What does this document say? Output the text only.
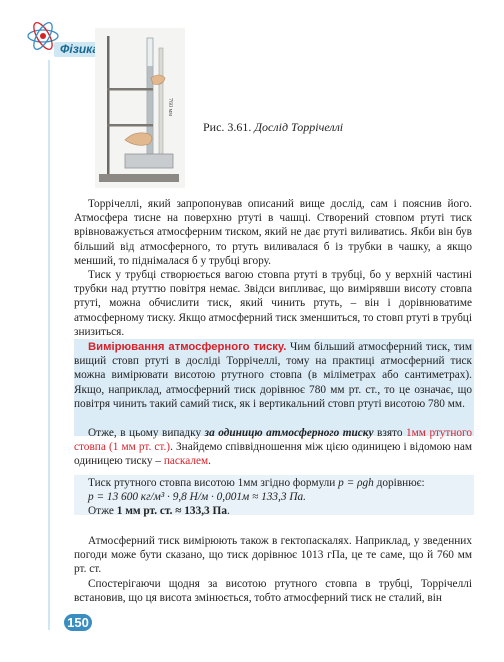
Фізика
760 мм
Рис. 3.61. Дослід Торрічеллі

Торрічеллі, який запропонував описаний вище дослід, сам і пояснив його. Атмосфера тисне на поверхню ртуті в чашці. Створений стовпом ртуті тиск врівноважується атмосферним тиском, який не дає ртуті виливатись. Якби він був більший від атмосферного, то ртуть виливалася б із трубки в чашку, а якщо менший, то піднімалася б у трубці вгору.

Тиск у трубці створюється вагою стовпа ртуті в трубці, бо у верхній частині трубки над ртуттю повітря немає. Звідси випливає, що вимірявши висоту стовпа ртуті, можна обчислити тиск, який чинить ртуть, – він і дорівнюватиме атмосферному тиску. Якщо атмосферний тиск зменшиться, то стовп ртуті в трубці знизиться.

Вимірювання атмосферного тиску. Чим більший атмосферний тиск, тим вищий стовп ртуті в досліді Торрічеллі, тому на практиці атмосферний тиск можна вимірювати висотою ртутного стовпа (в міліметрах або сантиметрах). Якщо, наприклад, атмосферний тиск дорівнює 780 мм рт. ст., то це означає, що повітря чинить такий самий тиск, як і вертикальний стовп ртуті висотою 780 мм.

Отже, в цьому випадку за одиницю атмосферного тиску взято 1мм ртутного стовпа (1 мм рт. ст.). Знайдемо співвідношення між цією одиницею і відомою нам одиницею тиску – паскалем.

Тиск ртутного стовпа висотою 1мм згідно формули p = ρgh дорівнює:
p = 13 600 кг/м³ · 9,8 Н/м · 0,001м ≈ 133,3 Па.
Отже 1 мм рт. ст. ≈ 133,3 Па.

Атмосферний тиск вимірюють також в гектопаскалях. Наприклад, у зведенних погоди може бути сказано, що тиск дорівнює 1013 гПа, це те саме, що й 760 мм рт. ст.

Спостерігаючи щодня за висотою ртутного стовпа в трубці, Торрічеллі встановив, що ця висота змінюється, тобто атмосферний тиск не сталий, він

150
